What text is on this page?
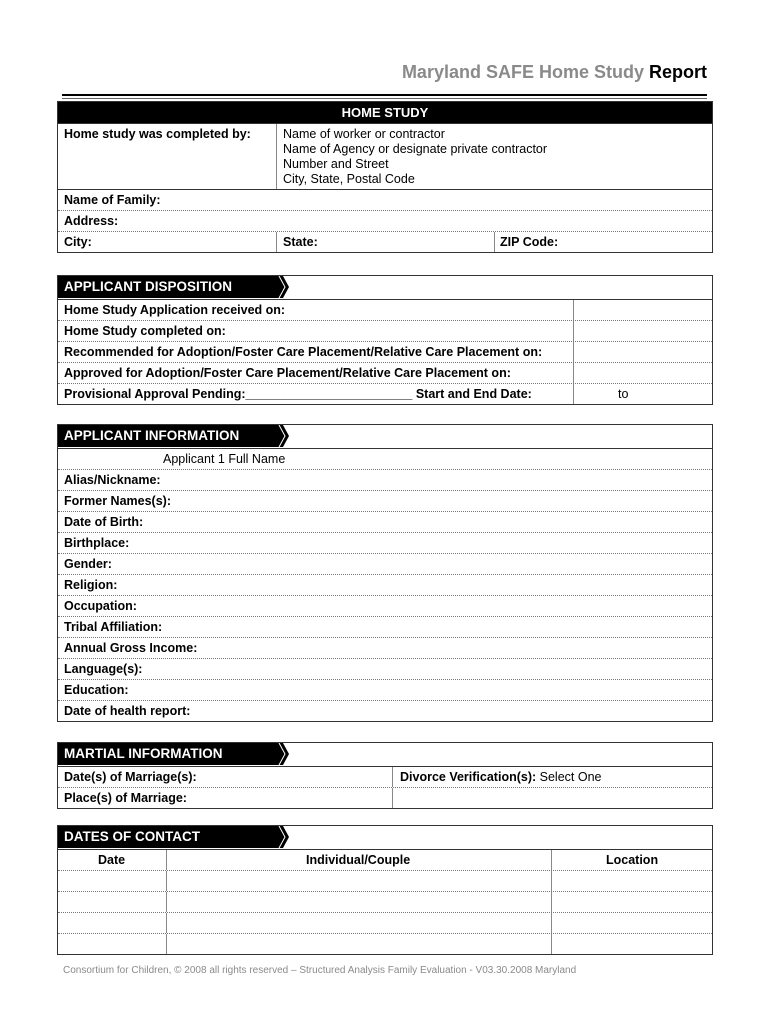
Maryland SAFE Home Study Report
HOME STUDY
Home study was completed by:	Name of worker or contractor
Name of Agency or designate private contractor
Number and Street
City, State, Postal Code
Name of Family:
Address:
City:	State:	ZIP Code:
APPLICANT DISPOSITION
Home Study Application received on:
Home Study completed on:
Recommended for Adoption/Foster Care Placement/Relative Care Placement on:
Approved for Adoption/Foster Care Placement/Relative Care Placement on:
Provisional Approval Pending:________________________ Start and End Date:	to
APPLICANT INFORMATION
Applicant 1 Full Name
Alias/Nickname:
Former Names(s):
Date of Birth:
Birthplace:
Gender:
Religion:
Occupation:
Tribal Affiliation:
Annual Gross Income:
Language(s):
Education:
Date of health report:
MARTIAL INFORMATION
Date(s) of Marriage(s):	Divorce Verification(s): Select One
Place(s) of Marriage:
DATES OF CONTACT
Date	Individual/Couple	Location
Consortium for Children, © 2008 all rights reserved – Structured Analysis Family Evaluation - V03.30.2008 Maryland
